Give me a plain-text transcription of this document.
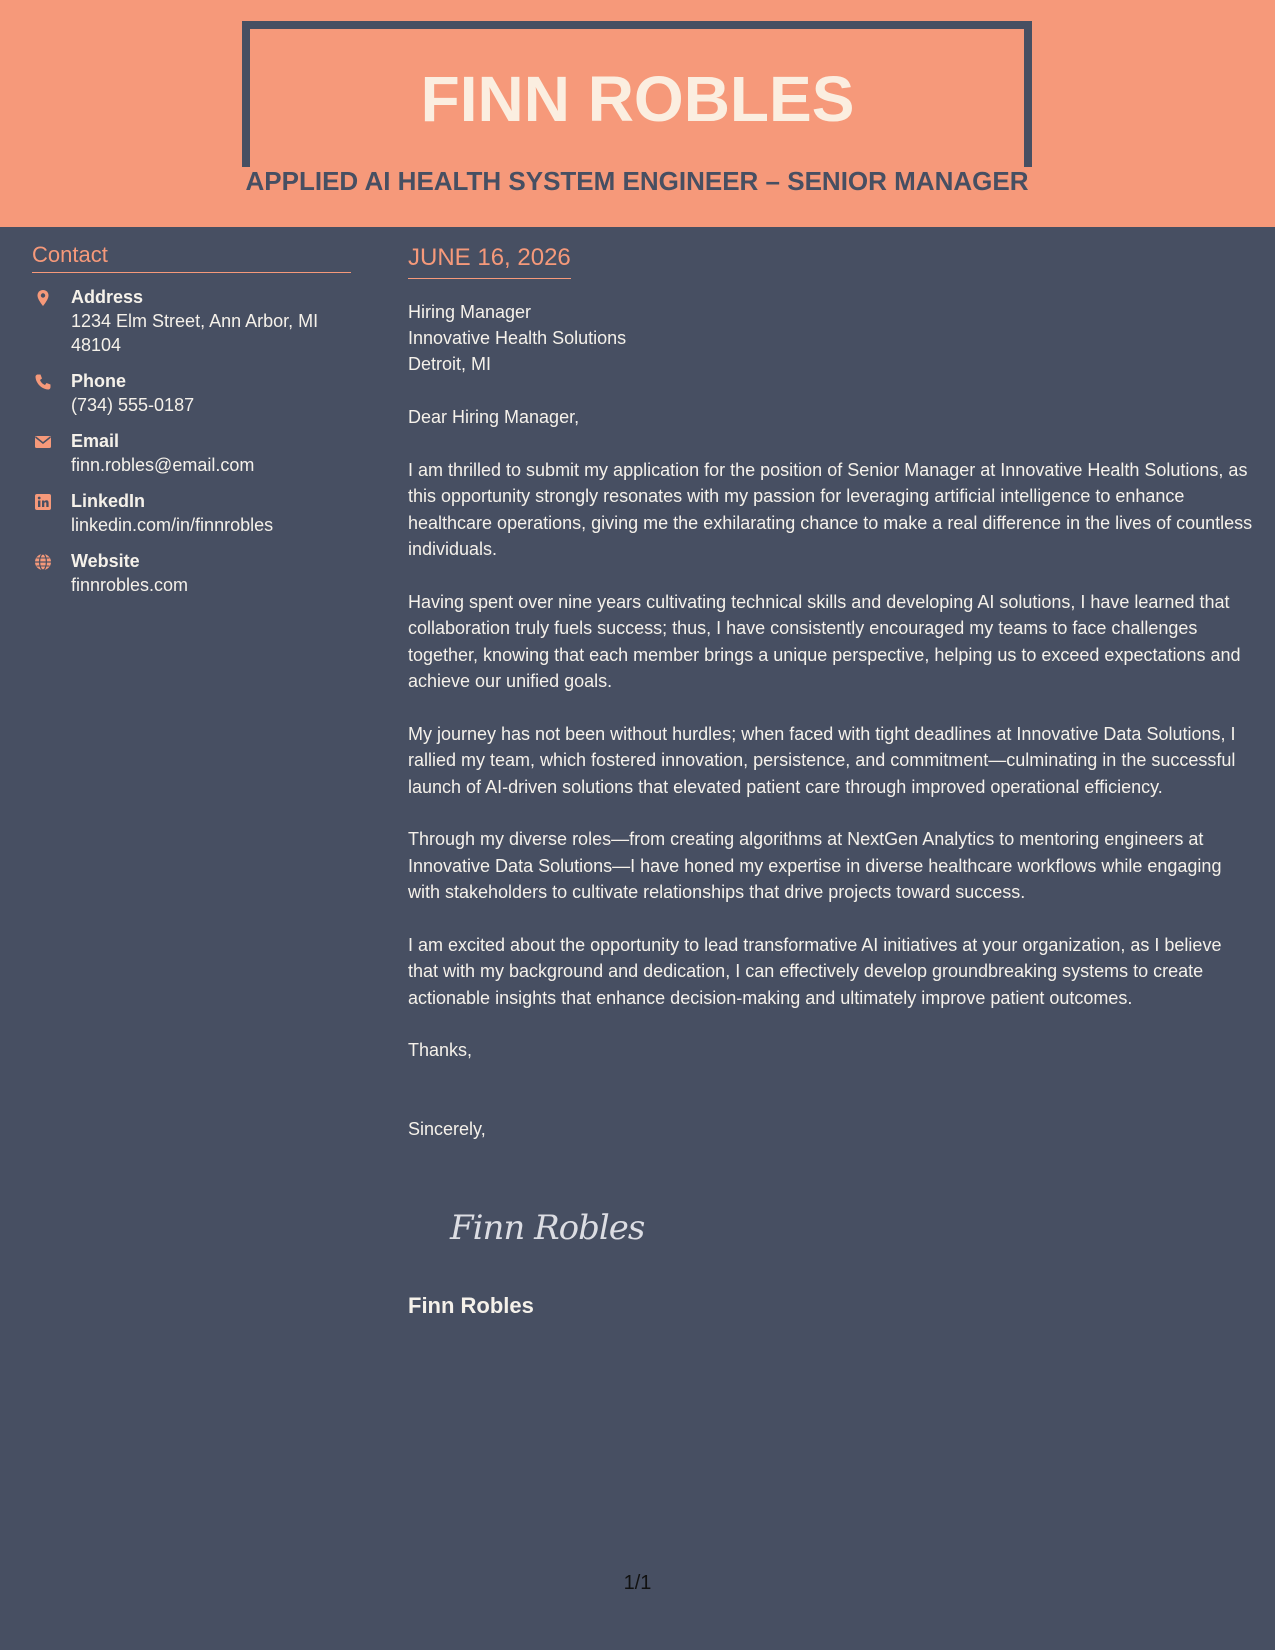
FINN ROBLES
APPLIED AI HEALTH SYSTEM ENGINEER – SENIOR MANAGER
Contact
Address
1234 Elm Street, Ann Arbor, MI 48104
Phone
(734) 555-0187
Email
finn.robles@email.com
LinkedIn
linkedin.com/in/finnrobles
Website
finnrobles.com
JUNE 16, 2026
Hiring Manager
Innovative Health Solutions
Detroit, MI

Dear Hiring Manager,

I am thrilled to submit my application for the position of Senior Manager at Innovative Health Solutions, as this opportunity strongly resonates with my passion for leveraging artificial intelligence to enhance healthcare operations, giving me the exhilarating chance to make a real difference in the lives of countless individuals.

Having spent over nine years cultivating technical skills and developing AI solutions, I have learned that collaboration truly fuels success; thus, I have consistently encouraged my teams to face challenges together, knowing that each member brings a unique perspective, helping us to exceed expectations and achieve our unified goals.

My journey has not been without hurdles; when faced with tight deadlines at Innovative Data Solutions, I rallied my team, which fostered innovation, persistence, and commitment—culminating in the successful launch of AI-driven solutions that elevated patient care through improved operational efficiency.

Through my diverse roles—from creating algorithms at NextGen Analytics to mentoring engineers at Innovative Data Solutions—I have honed my expertise in diverse healthcare workflows while engaging with stakeholders to cultivate relationships that drive projects toward success.

I am excited about the opportunity to lead transformative AI initiatives at your organization, as I believe that with my background and dedication, I can effectively develop groundbreaking systems to create actionable insights that enhance decision-making and ultimately improve patient outcomes.

Thanks,

Sincerely,

Finn Robles
Finn Robles
1/1
